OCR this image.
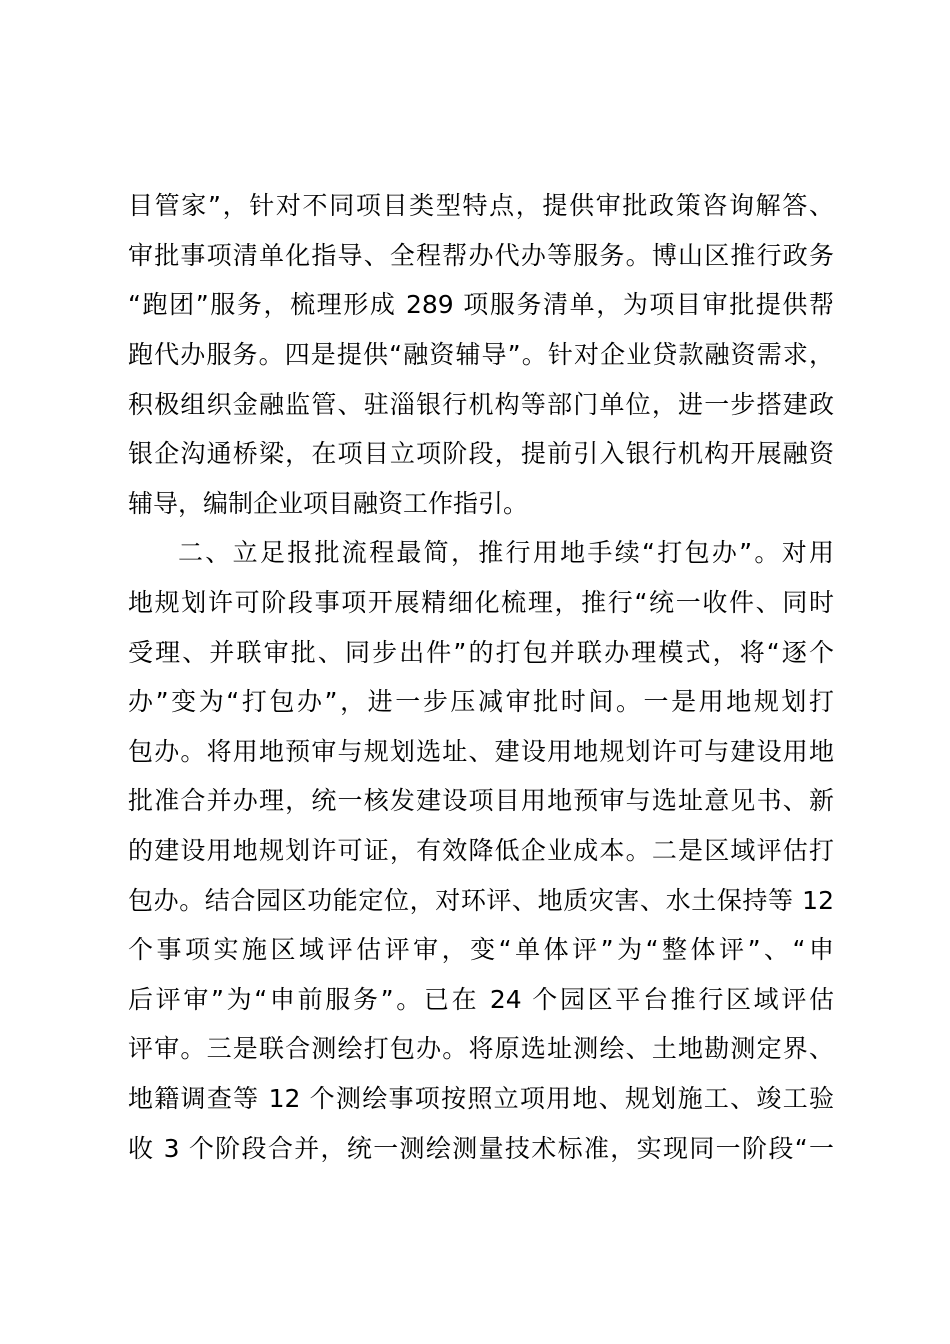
目管家”，针对不同项目类型特点，提供审批政策咨询解答、
审批事项清单化指导、全程帮办代办等服务。博山区推行政务
“跑团”服务，梳理形成 289 项服务清单，为项目审批提供帮
跑代办服务。四是提供“融资辅导”。针对企业贷款融资需求，
积极组织金融监管、驻淄银行机构等部门单位，进一步搭建政
银企沟通桥梁，在项目立项阶段，提前引入银行机构开展融资
辅导，编制企业项目融资工作指引。
二、立足报批流程最简，推行用地手续“打包办”。对用
地规划许可阶段事项开展精细化梳理，推行“统一收件、同时
受理、并联审批、同步出件”的打包并联办理模式，将“逐个
办”变为“打包办”，进一步压减审批时间。一是用地规划打
包办。将用地预审与规划选址、建设用地规划许可与建设用地
批准合并办理，统一核发建设项目用地预审与选址意见书、新
的建设用地规划许可证，有效降低企业成本。二是区域评估打
包办。结合园区功能定位，对环评、地质灾害、水土保持等 12
个事项实施区域评估评审，变“单体评”为“整体评”、“申
后评审”为“申前服务”。已在 24 个园区平台推行区域评估
评审。三是联合测绘打包办。将原选址测绘、土地勘测定界、
地籍调查等 12 个测绘事项按照立项用地、规划施工、竣工验
收 3 个阶段合并，统一测绘测量技术标准，实现同一阶段“一
